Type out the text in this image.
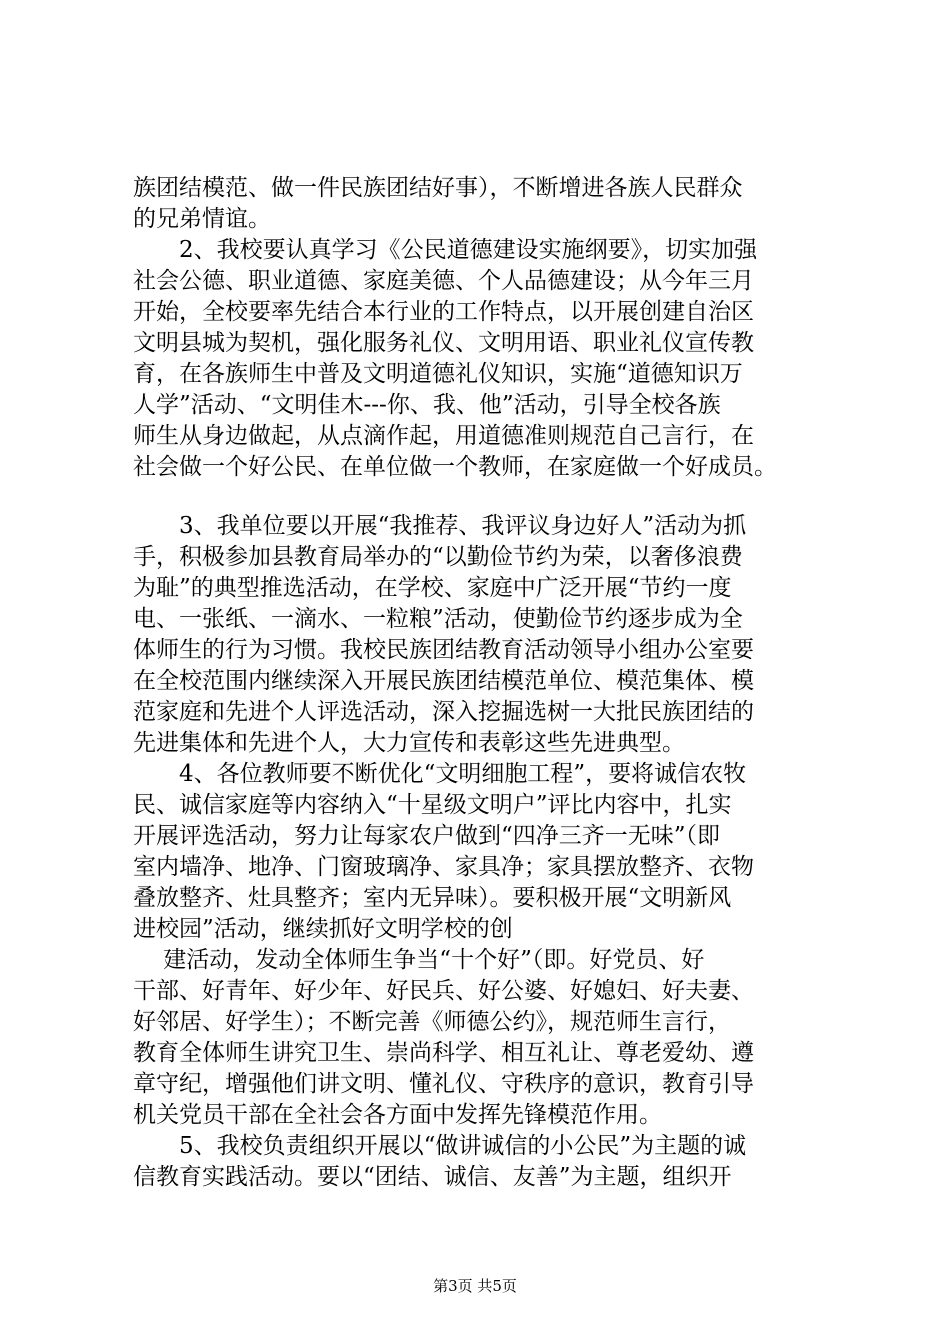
族团结模范、做一件民族团结好事），不断增进各族人民群众
的兄弟情谊。
　　2、我校要认真学习《公民道德建设实施纲要》，切实加强
社会公德、职业道德、家庭美德、个人品德建设；从今年三月
开始，全校要率先结合本行业的工作特点，以开展创建自治区
文明县城为契机，强化服务礼仪、文明用语、职业礼仪宣传教
育，在各族师生中普及文明道德礼仪知识，实施“道德知识万
人学”活动、“文明佳木---你、我、他”活动，引导全校各族
师生从身边做起，从点滴作起，用道德准则规范自己言行，在
社会做一个好公民、在单位做一个教师，在家庭做一个好成员。
　　3、我单位要以开展“我推荐、我评议身边好人”活动为抓
手，积极参加县教育局举办的“以勤俭节约为荣，以奢侈浪费
为耻”的典型推选活动，在学校、家庭中广泛开展“节约一度
电、一张纸、一滴水、一粒粮”活动，使勤俭节约逐步成为全
体师生的行为习惯。我校民族团结教育活动领导小组办公室要
在全校范围内继续深入开展民族团结模范单位、模范集体、模
范家庭和先进个人评选活动，深入挖掘选树一大批民族团结的
先进集体和先进个人，大力宣传和表彰这些先进典型。
　　4、各位教师要不断优化“文明细胞工程”，要将诚信农牧
民、诚信家庭等内容纳入“十星级文明户”评比内容中，扎实
开展评选活动，努力让每家农户做到“四净三齐一无味”（即
室内墙净、地净、门窗玻璃净、家具净；家具摆放整齐、衣物
叠放整齐、灶具整齐；室内无异味）。要积极开展“文明新风
进校园”活动，继续抓好文明学校的创
　 建活动，发动全体师生争当“十个好”（即。好党员、好
干部、好青年、好少年、好民兵、好公婆、好媳妇、好夫妻、
好邻居、好学生）；不断完善《师德公约》，规范师生言行，
教育全体师生讲究卫生、崇尚科学、相互礼让、尊老爱幼、遵
章守纪，增强他们讲文明、懂礼仪、守秩序的意识，教育引导
机关党员干部在全社会各方面中发挥先锋模范作用。
　　5、我校负责组织开展以“做讲诚信的小公民”为主题的诚
信教育实践活动。要以“团结、诚信、友善”为主题，组织开
第3页 共5页
